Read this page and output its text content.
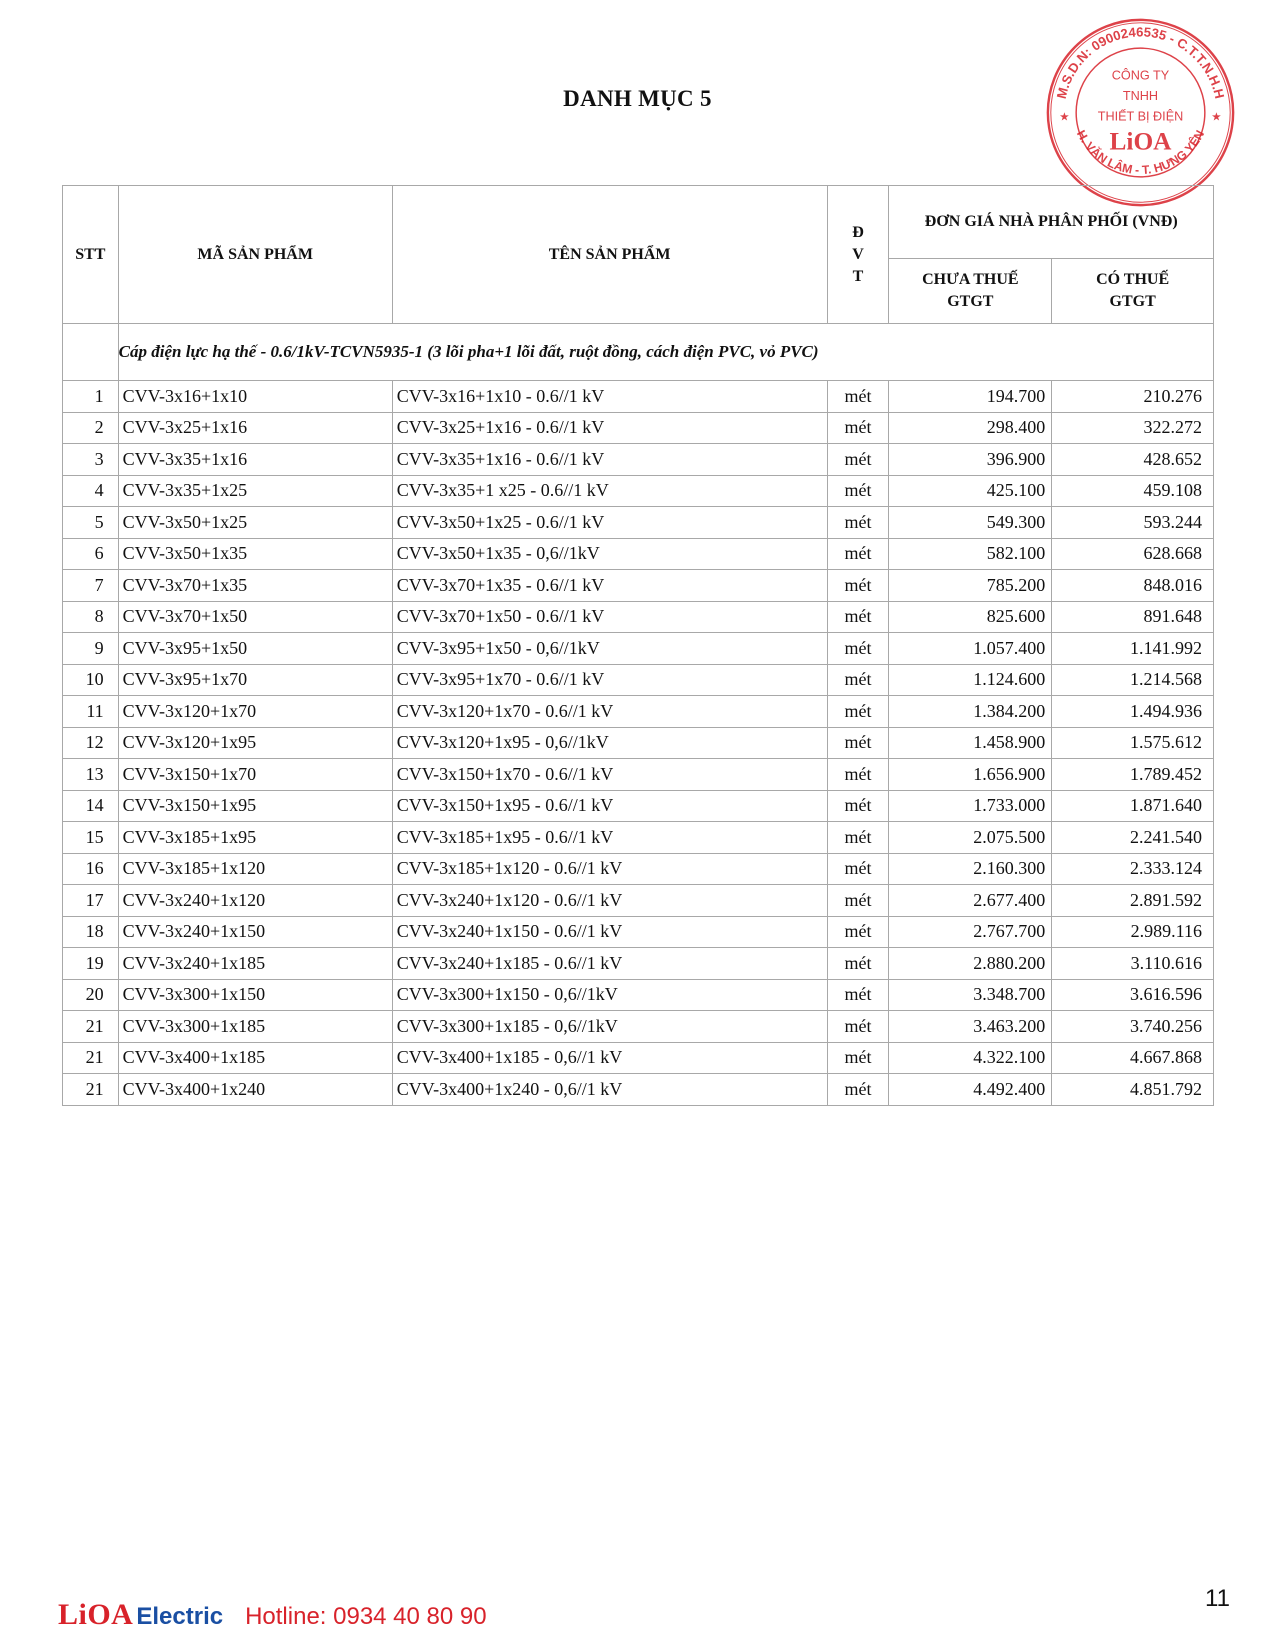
DANH MỤC 5	M.S.D.N: 0900246535 - C.T.T.N.H.H
H. VĂN LÂM - T. HƯNG YÊN
CÔNG TY
TNHH
THIẾT BỊ ĐIỆN
LiOA
★	★
STT	MÃ SẢN PHẨM	TÊN SẢN PHẨM	Đ
V
T	ĐƠN GIÁ NHÀ PHÂN PHỐI (VNĐ)	
				CHƯA THUẾ GTGT	CÓ THUẾ GTGT
	Cáp điện lực hạ thế - 0.6/1kV-TCVN5935-1 (3 lõi pha+1 lõi đất, ruột đồng, cách điện PVC, vỏ PVC)				
1	CVV-3x16+1x10	CVV-3x16+1x10 - 0.6//1 kV	mét	194.700	210.276
2	CVV-3x25+1x16	CVV-3x25+1x16 - 0.6//1 kV	mét	298.400	322.272
3	CVV-3x35+1x16	CVV-3x35+1x16 - 0.6//1 kV	mét	396.900	428.652
4	CVV-3x35+1x25	CVV-3x35+1 x25 - 0.6//1 kV	mét	425.100	459.108
5	CVV-3x50+1x25	CVV-3x50+1x25 - 0.6//1 kV	mét	549.300	593.244
6	CVV-3x50+1x35	CVV-3x50+1x35 - 0,6//1kV	mét	582.100	628.668
7	CVV-3x70+1x35	CVV-3x70+1x35 - 0.6//1 kV	mét	785.200	848.016
8	CVV-3x70+1x50	CVV-3x70+1x50 - 0.6//1 kV	mét	825.600	891.648
9	CVV-3x95+1x50	CVV-3x95+1x50 - 0,6//1kV	mét	1.057.400	1.141.992
10	CVV-3x95+1x70	CVV-3x95+1x70 - 0.6//1 kV	mét	1.124.600	1.214.568
11	CVV-3x120+1x70	CVV-3x120+1x70 - 0.6//1 kV	mét	1.384.200	1.494.936
12	CVV-3x120+1x95	CVV-3x120+1x95 - 0,6//1kV	mét	1.458.900	1.575.612
13	CVV-3x150+1x70	CVV-3x150+1x70 - 0.6//1 kV	mét	1.656.900	1.789.452
14	CVV-3x150+1x95	CVV-3x150+1x95 - 0.6//1 kV	mét	1.733.000	1.871.640
15	CVV-3x185+1x95	CVV-3x185+1x95 - 0.6//1 kV	mét	2.075.500	2.241.540
16	CVV-3x185+1x120	CVV-3x185+1x120 - 0.6//1 kV	mét	2.160.300	2.333.124
17	CVV-3x240+1x120	CVV-3x240+1x120 - 0.6//1 kV	mét	2.677.400	2.891.592
18	CVV-3x240+1x150	CVV-3x240+1x150 - 0.6//1 kV	mét	2.767.700	2.989.116
19	CVV-3x240+1x185	CVV-3x240+1x185 - 0.6//1 kV	mét	2.880.200	3.110.616
20	CVV-3x300+1x150	CVV-3x300+1x150 - 0,6//1kV	mét	3.348.700	3.616.596
21	CVV-3x300+1x185	CVV-3x300+1x185 - 0,6//1kV	mét	3.463.200	3.740.256
21	CVV-3x400+1x185	CVV-3x400+1x185 - 0,6//1 kV	mét	4.322.100	4.667.868
21	CVV-3x400+1x240	CVV-3x400+1x240 - 0,6//1 kV	mét	4.492.400	4.851.792
LiOA Electric Hotline: 0934 40 80 90
11
